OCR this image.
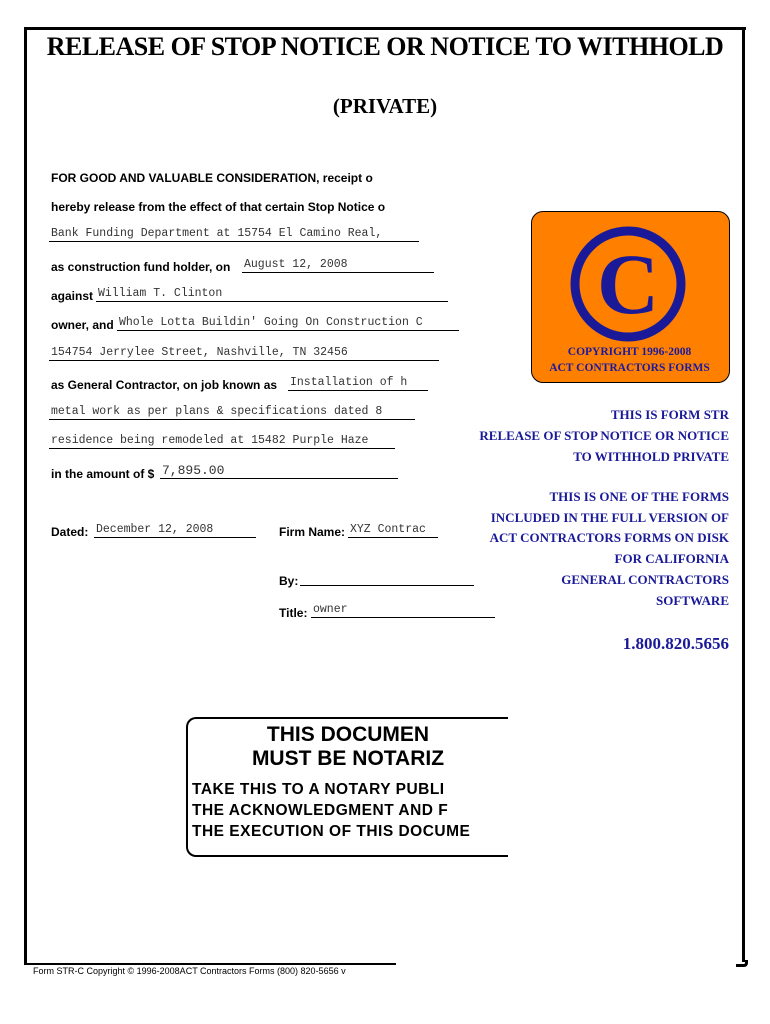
RELEASE OF STOP NOTICE OR NOTICE TO WITHHOLD
(PRIVATE)
FOR GOOD AND VALUABLE CONSIDERATION, receipt o
hereby release from the effect of that certain Stop Notice o
Bank Funding Department at 15754 El Camino Real,
as construction fund holder, on August 12, 2008
against William T. Clinton
owner, and Whole Lotta Buildin' Going On Construction C
154754 Jerrylee Street, Nashville, TN 32456
as General Contractor, on job known as Installation of h
metal work as per plans & specifications dated 8
residence being remodeled at 15482 Purple Haze
in the amount of $ 7,895.00
Dated: December 12, 2008	Firm Name: XYZ Contrac
By:
Title: owner
C
COPYRIGHT 1996-2008
ACT CONTRACTORS FORMS
THIS IS FORM STR
RELEASE OF STOP NOTICE OR NOTICE
TO WITHHOLD PRIVATE
THIS IS ONE OF THE FORMS
INCLUDED IN THE FULL VERSION OF
ACT CONTRACTORS FORMS ON DISK
FOR CALIFORNIA
GENERAL CONTRACTORS
SOFTWARE
1.800.820.5656
THIS DOCUMEN
MUST BE NOTARIZ
TAKE THIS TO A NOTARY PUBLI
THE ACKNOWLEDGMENT AND F
THE EXECUTION OF THIS DOCUME
Form STR-C Copyright © 1996-2008ACT Contractors Forms (800) 820-5656 v
